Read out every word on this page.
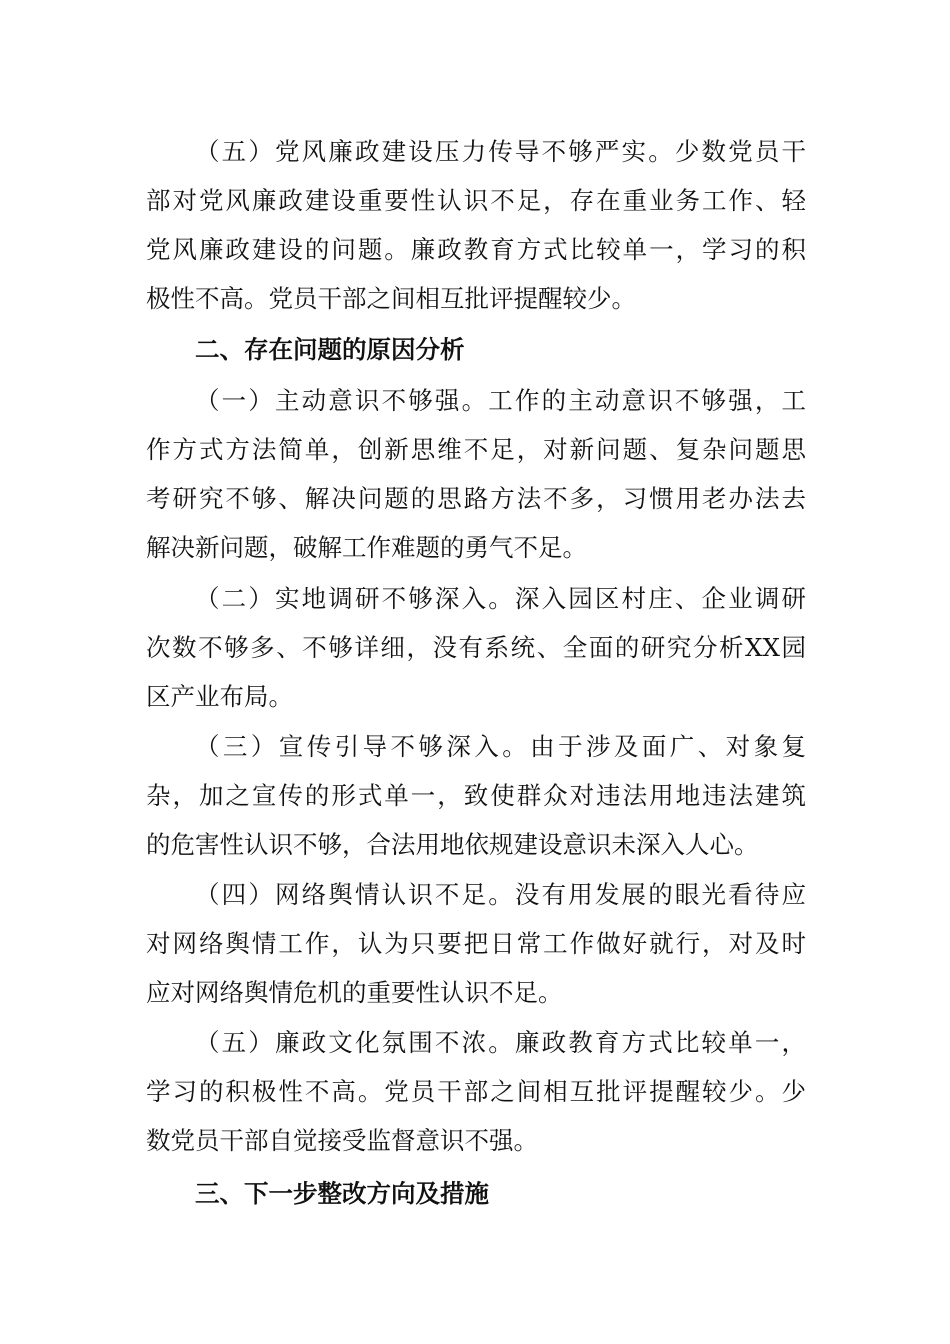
（五）党风廉政建设压力传导不够严实。少数党员干
部对党风廉政建设重要性认识不足，存在重业务工作、轻
党风廉政建设的问题。廉政教育方式比较单一，学习的积
极性不高。党员干部之间相互批评提醒较少。
二、存在问题的原因分析
（一）主动意识不够强。工作的主动意识不够强，工
作方式方法简单，创新思维不足，对新问题、复杂问题思
考研究不够、解决问题的思路方法不多，习惯用老办法去
解决新问题，破解工作难题的勇气不足。
（二）实地调研不够深入。深入园区村庄、企业调研
次数不够多、不够详细，没有系统、全面的研究分析XX园
区产业布局。
（三）宣传引导不够深入。由于涉及面广、对象复
杂，加之宣传的形式单一，致使群众对违法用地违法建筑
的危害性认识不够，合法用地依规建设意识未深入人心。
（四）网络舆情认识不足。没有用发展的眼光看待应
对网络舆情工作，认为只要把日常工作做好就行，对及时
应对网络舆情危机的重要性认识不足。
（五）廉政文化氛围不浓。廉政教育方式比较单一，
学习的积极性不高。党员干部之间相互批评提醒较少。少
数党员干部自觉接受监督意识不强。
三、下一步整改方向及措施
